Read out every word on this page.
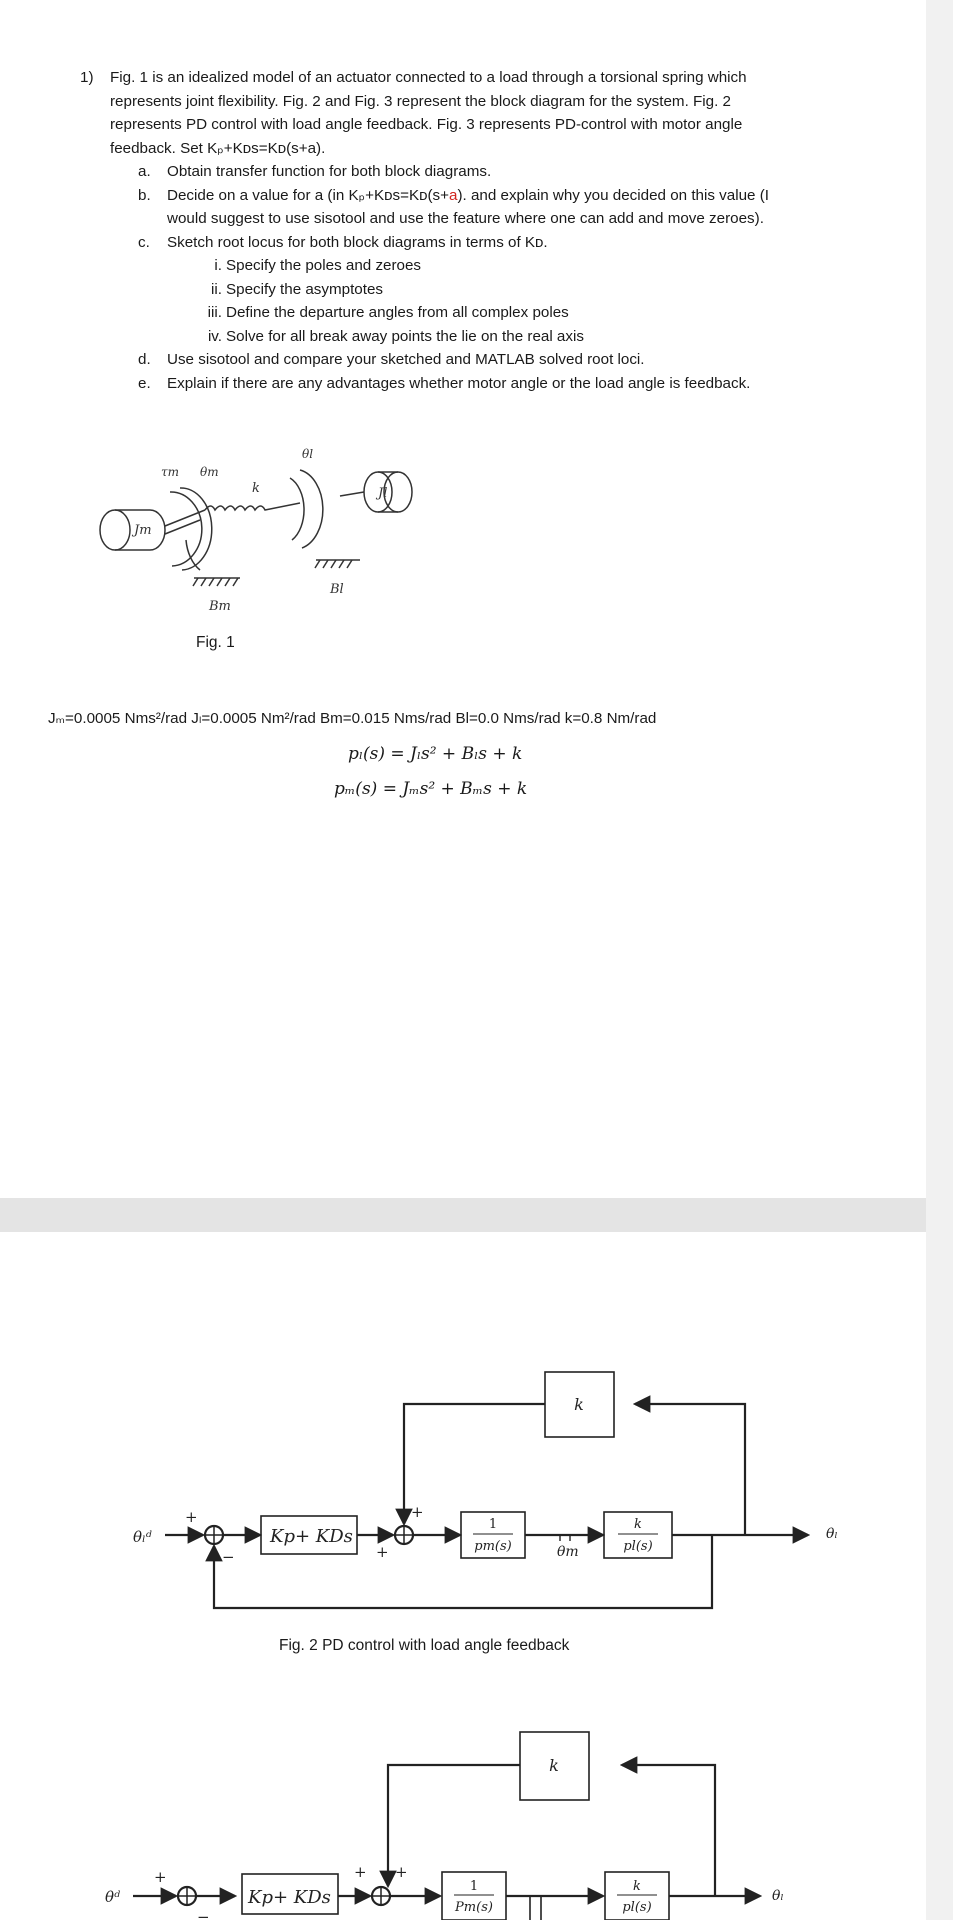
1) Fig. 1 is an idealized model of an actuator connected to a load through a torsional spring which
represents joint flexibility. Fig. 2 and Fig. 3 represent the block diagram for the system. Fig. 2
represents PD control with load angle feedback. Fig. 3 represents PD-control with motor angle
feedback. Set Kₚ+Kᴅs=Kᴅ(s+a).
a. Obtain transfer function for both block diagrams.
b. Decide on a value for a (in Kₚ+Kᴅs=Kᴅ(s+a). and explain why you decided on this value (I
would suggest to use sisotool and use the feature where one can add and move zeroes).
c. Sketch root locus for both block diagrams in terms of Kᴅ.
i. Specify the poles and zeroes
ii. Specify the asymptotes
iii. Define the departure angles from all complex poles
iv. Solve for all break away points the lie on the real axis
d. Use sisotool and compare your sketched and MATLAB solved root loci.
e. Explain if there are any advantages whether motor angle or the load angle is feedback.
τm θm
k
θl
Jl
Jm
Bm
Bl
Fig. 1
Jₘ=0.0005 Nms²/rad Jₗ=0.0005 Nm²/rad Bm=0.015 Nms/rad Bl=0.0 Nms/rad k=0.8 Nm/rad
pₗ(s) = Jₗs² + Bₗs + k
pₘ(s) = Jₘs² + Bₘs + k
θₗᵈ
+
−
Kp+ KDs
+
+
1
pm(s)	θm
k
pl(s)
θₗ
k
θᵈ
+
−
Kp+ KDs
+ +
1
Pm(s)
k
pl(s)
θₗ
k
Fig. 2 PD control with load angle feedback
